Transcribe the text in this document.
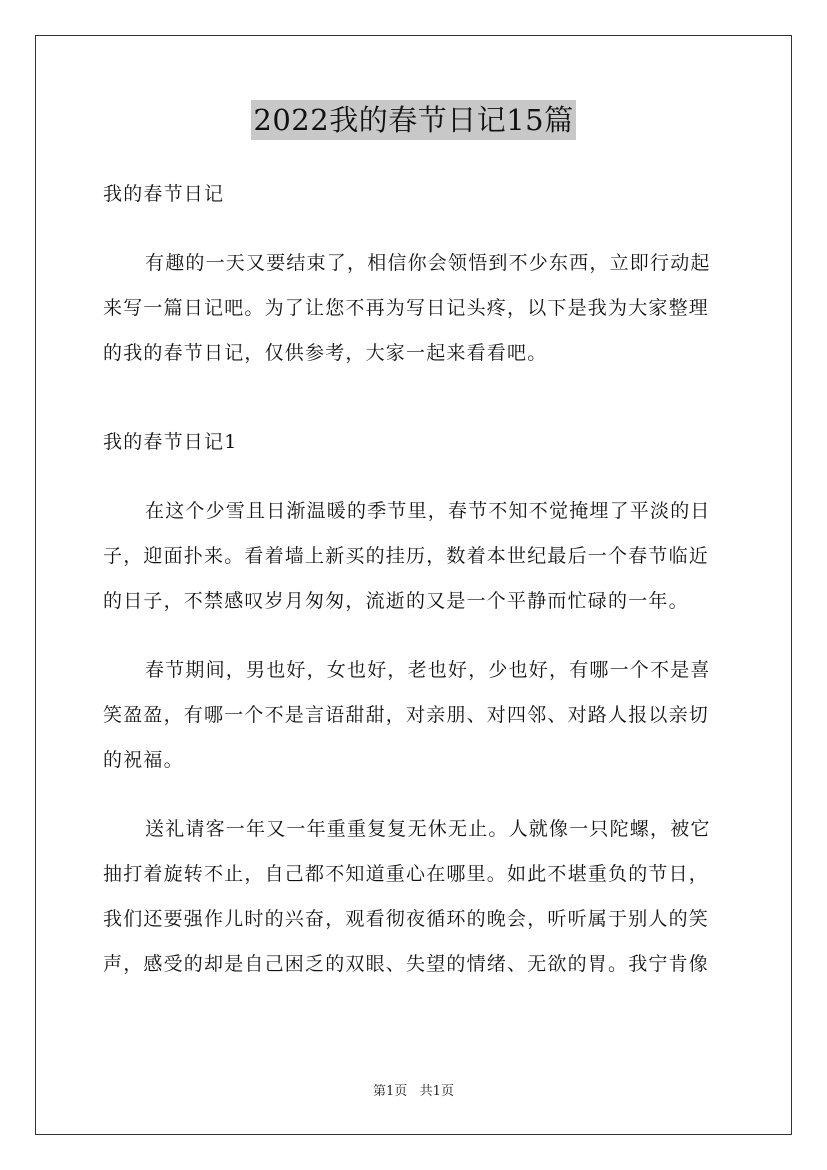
2022我的春节日记15篇
我的春节日记
有趣的一天又要结束了，相信你会领悟到不少东西，立即行动起
来写一篇日记吧。为了让您不再为写日记头疼，以下是我为大家整理
的我的春节日记，仅供参考，大家一起来看看吧。
我的春节日记1
在这个少雪且日渐温暖的季节里，春节不知不觉掩埋了平淡的日
子，迎面扑来。看着墙上新买的挂历，数着本世纪最后一个春节临近
的日子，不禁感叹岁月匆匆，流逝的又是一个平静而忙碌的一年。
春节期间，男也好，女也好，老也好，少也好，有哪一个不是喜
笑盈盈，有哪一个不是言语甜甜，对亲朋、对四邻、对路人报以亲切
的祝福。
送礼请客一年又一年重重复复无休无止。人就像一只陀螺，被它
抽打着旋转不止，自己都不知道重心在哪里。如此不堪重负的节日，
我们还要强作儿时的兴奋，观看彻夜循环的晚会，听听属于别人的笑
声，感受的却是自己困乏的双眼、失望的情绪、无欲的胃。我宁肯像
第1页   共1页
